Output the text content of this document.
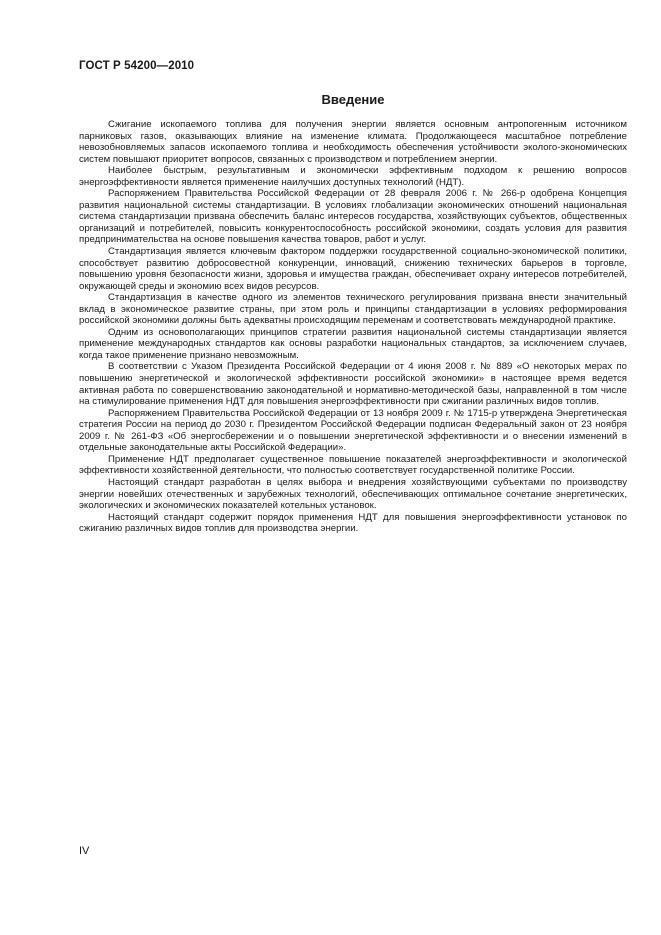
ГОСТ Р 54200—2010
Введение

Сжигание ископаемого топлива для получения энергии является основным антропогенным источником парниковых газов, оказывающих влияние на изменение климата. Продолжающееся масштабное потребление невозобновляемых запасов ископаемого топлива и необходимость обеспечения устойчивости эколого-экономических систем повышают приоритет вопросов, связанных с производством и потреблением энергии.

Наиболее быстрым, результативным и экономически эффективным подходом к решению вопросов энергоэффективности является применение наилучших доступных технологий (НДТ).

Распоряжением Правительства Российской Федерации от 28 февраля 2006 г. № 266-р одобрена Концепция развития национальной системы стандартизации. В условиях глобализации экономических отношений национальная система стандартизации призвана обеспечить баланс интересов государства, хозяйствующих субъектов, общественных организаций и потребителей, повысить конкурентоспособность российской экономики, создать условия для развития предпринимательства на основе повышения качества товаров, работ и услуг.

Стандартизация является ключевым фактором поддержки государственной социально-экономической политики, способствует развитию добросовестной конкуренции, инноваций, снижению технических барьеров в торговле, повышению уровня безопасности жизни, здоровья и имущества граждан, обеспечивает охрану интересов потребителей, окружающей среды и экономию всех видов ресурсов.

Стандартизация в качестве одного из элементов технического регулирования призвана внести значительный вклад в экономическое развитие страны, при этом роль и принципы стандартизации в условиях реформирования российской экономики должны быть адекватны происходящим переменам и соответствовать международной практике.

Одним из основополагающих принципов стратегии развития национальной системы стандартизации является применение международных стандартов как основы разработки национальных стандартов, за исключением случаев, когда такое применение признано невозможным.

В соответствии с Указом Президента Российской Федерации от 4 июня 2008 г. № 889 «О некоторых мерах по повышению энергетической и экологической эффективности российской экономики» в настоящее время ведется активная работа по совершенствованию законодательной и нормативно-методической базы, направленной в том числе на стимулирование применения НДТ для повышения энергоэффективности при сжигании различных видов топлив.

Распоряжением Правительства Российской Федерации от 13 ноября 2009 г. № 1715-р утверждена Энергетическая стратегия России на период до 2030 г. Президентом Российской Федерации подписан Федеральный закон от 23 ноября 2009 г. № 261-ФЗ «Об энергосбережении и о повышении энергетической эффективности и о внесении изменений в отдельные законодательные акты Российской Федерации».

Применение НДТ предполагает существенное повышение показателей энергоэффективности и экологической эффективности хозяйственной деятельности, что полностью соответствует государственной политике России.

Настоящий стандарт разработан в целях выбора и внедрения хозяйствующими субъектами по производству энергии новейших отечественных и зарубежных технологий, обеспечивающих оптимальное сочетание энергетических, экологических и экономических показателей котельных установок.

Настоящий стандарт содержит порядок применения НДТ для повышения энергоэффективности установок по сжиганию различных видов топлив для производства энергии.

IV
